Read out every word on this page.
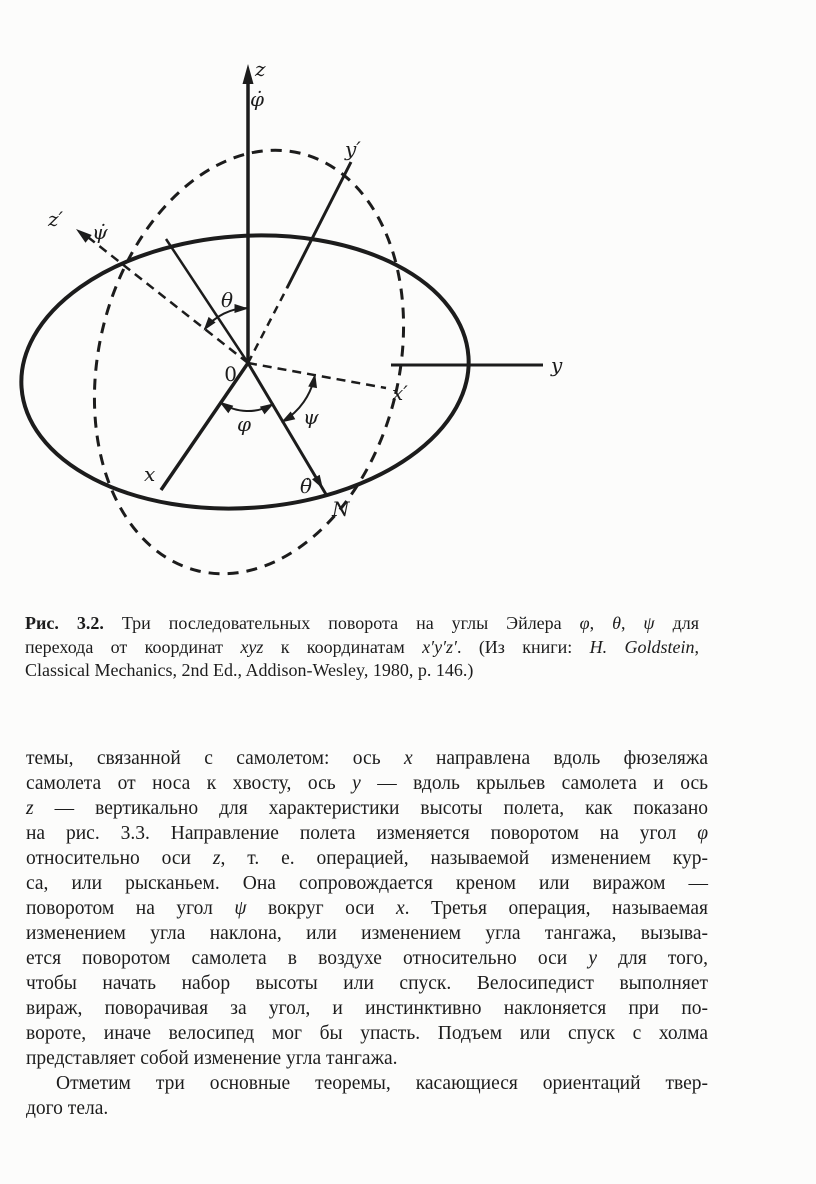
z
φ̇
y′
z′
ψ̇
θ
0	y
x′
ψ
φ
x	θ̇
N
Рис. 3.2. Три последовательных поворота на углы Эйлера φ, θ, ψ для
перехода от координат xyz к координатам x′y′z′. (Из книги: H. Goldstein,
Classical Mechanics, 2nd Ed., Addison-Wesley, 1980, p. 146.)
темы, связанной с самолетом: ось x направлена вдоль фюзеляжа
самолета от носа к хвосту, ось y — вдоль крыльев самолета и ось
z — вертикально для характеристики высоты полета, как показано
на рис. 3.3. Направление полета изменяется поворотом на угол φ
относительно оси z, т. е. операцией, называемой изменением кур-
са, или рысканьем. Она сопровождается креном или виражом —
поворотом на угол ψ вокруг оси x. Третья операция, называемая
изменением угла наклона, или изменением угла тангажа, вызыва-
ется поворотом самолета в воздухе относительно оси y для того,
чтобы начать набор высоты или спуск. Велосипедист выполняет
вираж, поворачивая за угол, и инстинктивно наклоняется при по-
вороте, иначе велосипед мог бы упасть. Подъем или спуск с холма
представляет собой изменение угла тангажа.
Отметим три основные теоремы, касающиеся ориентаций твер-
дого тела.
